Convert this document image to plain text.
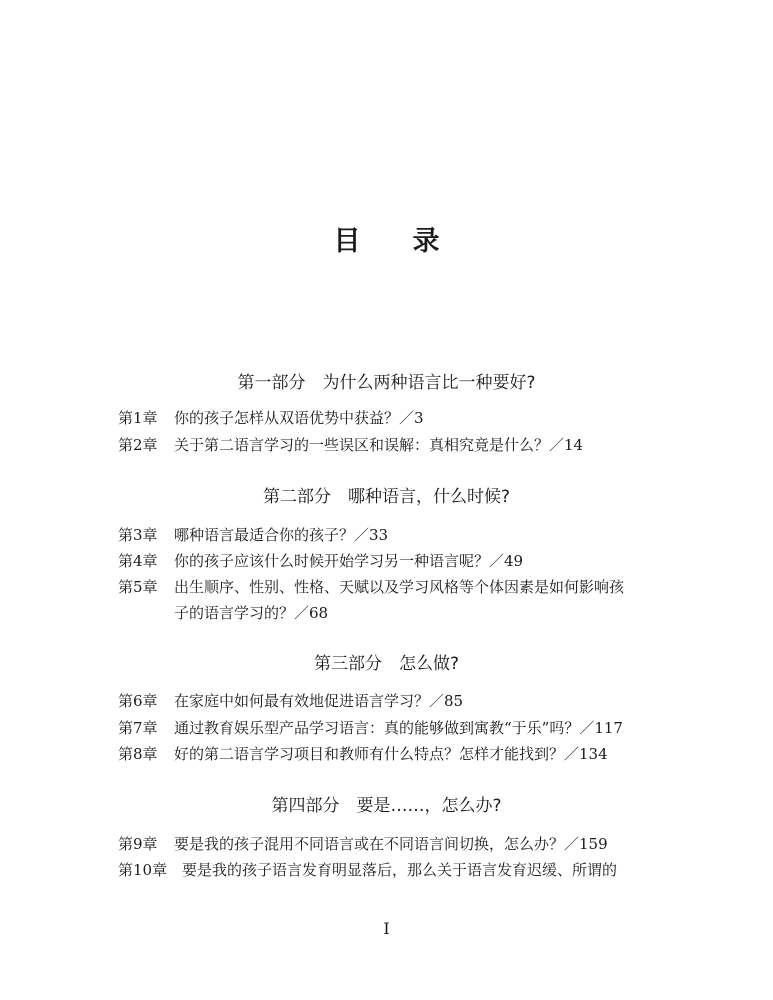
目录
第一部分　为什么两种语言比一种要好?
第1章 你的孩子怎样从双语优势中获益？／3
第2章 关于第二语言学习的一些误区和误解：真相究竟是什么？／14
第二部分　哪种语言，什么时候?
第3章 哪种语言最适合你的孩子？／33
第4章 你的孩子应该什么时候开始学习另一种语言呢？／49
第5章 出生顺序、性别、性格、天赋以及学习风格等个体因素是如何影响孩
子的语言学习的？／68
第三部分　怎么做?
第6章 在家庭中如何最有效地促进语言学习？／85
第7章 通过教育娱乐型产品学习语言：真的能够做到寓教“于乐”吗？／117
第8章 好的第二语言学习项目和教师有什么特点？怎样才能找到？／134
第四部分　要是……，怎么办?
第9章 要是我的孩子混用不同语言或在不同语言间切换，怎么办？／159
第10章 要是我的孩子语言发育明显落后，那么关于语言发育迟缓、所谓的
I
